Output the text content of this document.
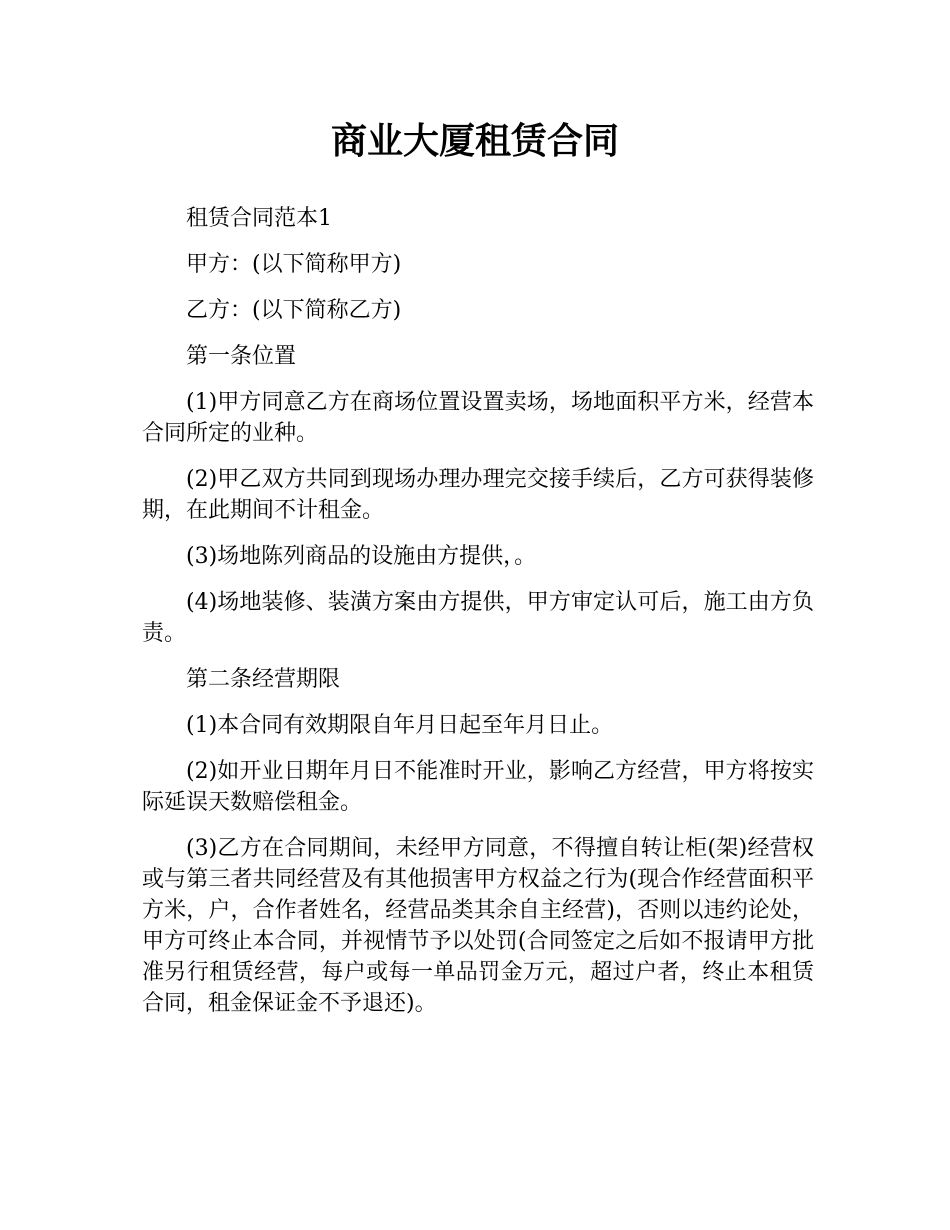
商业大厦租赁合同

租赁合同范本1

甲方：(以下简称甲方)

乙方：(以下简称乙方)

第一条位置

(1)甲方同意乙方在商场位置设置卖场，场地面积平方米，经营本合同所定的业种。

(2)甲乙双方共同到现场办理办理完交接手续后，乙方可获得装修期，在此期间不计租金。

(3)场地陈列商品的设施由方提供，。

(4)场地装修、装潢方案由方提供，甲方审定认可后，施工由方负责。

第二条经营期限

(1)本合同有效期限自年月日起至年月日止。

(2)如开业日期年月日不能准时开业，影响乙方经营，甲方将按实际延误天数赔偿租金。

(3)乙方在合同期间，未经甲方同意，不得擅自转让柜(架)经营权或与第三者共同经营及有其他损害甲方权益之行为(现合作经营面积平方米，户，合作者姓名，经营品类其余自主经营)，否则以违约论处，甲方可终止本合同，并视情节予以处罚(合同签定之后如不报请甲方批准另行租赁经营，每户或每一单品罚金万元，超过户者，终止本租赁合同，租金保证金不予退还)。
